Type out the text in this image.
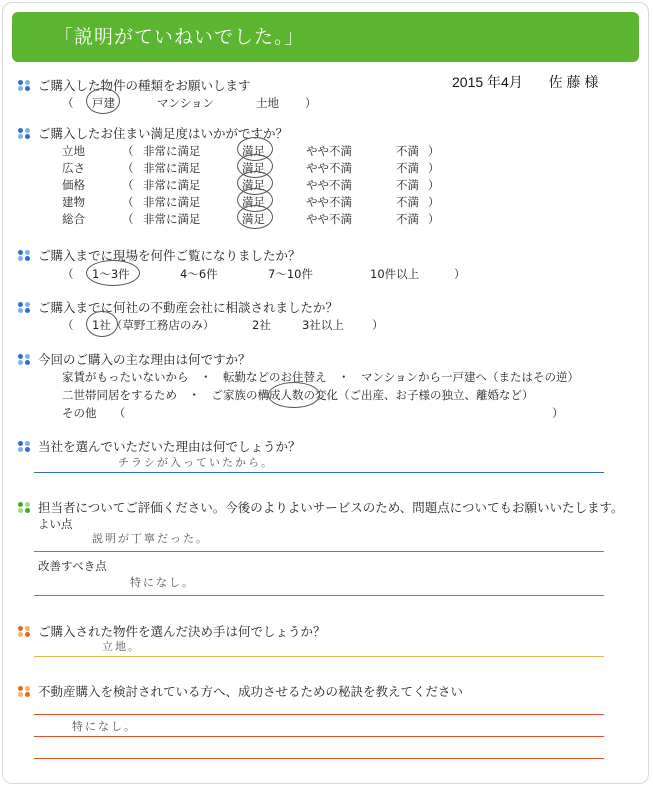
「説明がていねいでした。」
2015 年4月 佐 藤 様
ご購入した物件の種類をお願いします
（ 戸建	マンション	土地 ）
ご購入したお住まい満足度はいかがですか？
立地	（ 非常に満足	満足	やや不満	不満 ）
広さ	（ 非常に満足	満足	やや不満	不満 ）
価格	（ 非常に満足	満足	やや不満	不満 ）
建物	（ 非常に満足	満足	やや不満	不満 ）
総合	（ 非常に満足	満足	やや不満	不満 ）
ご購入までに現場を何件ご覧になりましたか？
（ 1～3件	4～6件	7～10件	10件以上	）
ご購入までに何社の不動産会社に相談されましたか？
（ 1社（草野工務店のみ）	2社	3社以上 ）
今回のご購入の主な理由は何ですか？
家賃がもったいないから　・　転勤などのお住替え　・　マンションから一戸建へ（またはその逆）
二世帯同居をするため　・　ご家族の構成人数の変化（ご出産、お子様の独立、離婚など）
その他　　（	）
当社を選んでいただいた理由は何でしょうか？
チラシが入っていたから。
担当者についてご評価ください。今後のよりよいサービスのため、問題点についてもお願いいたします。
よい点
説明が丁寧だった。
改善すべき点
特になし。
ご購入された物件を選んだ決め手は何でしょうか？
立地。
不動産購入を検討されている方へ、成功させるための秘訣を教えてください
特になし。
